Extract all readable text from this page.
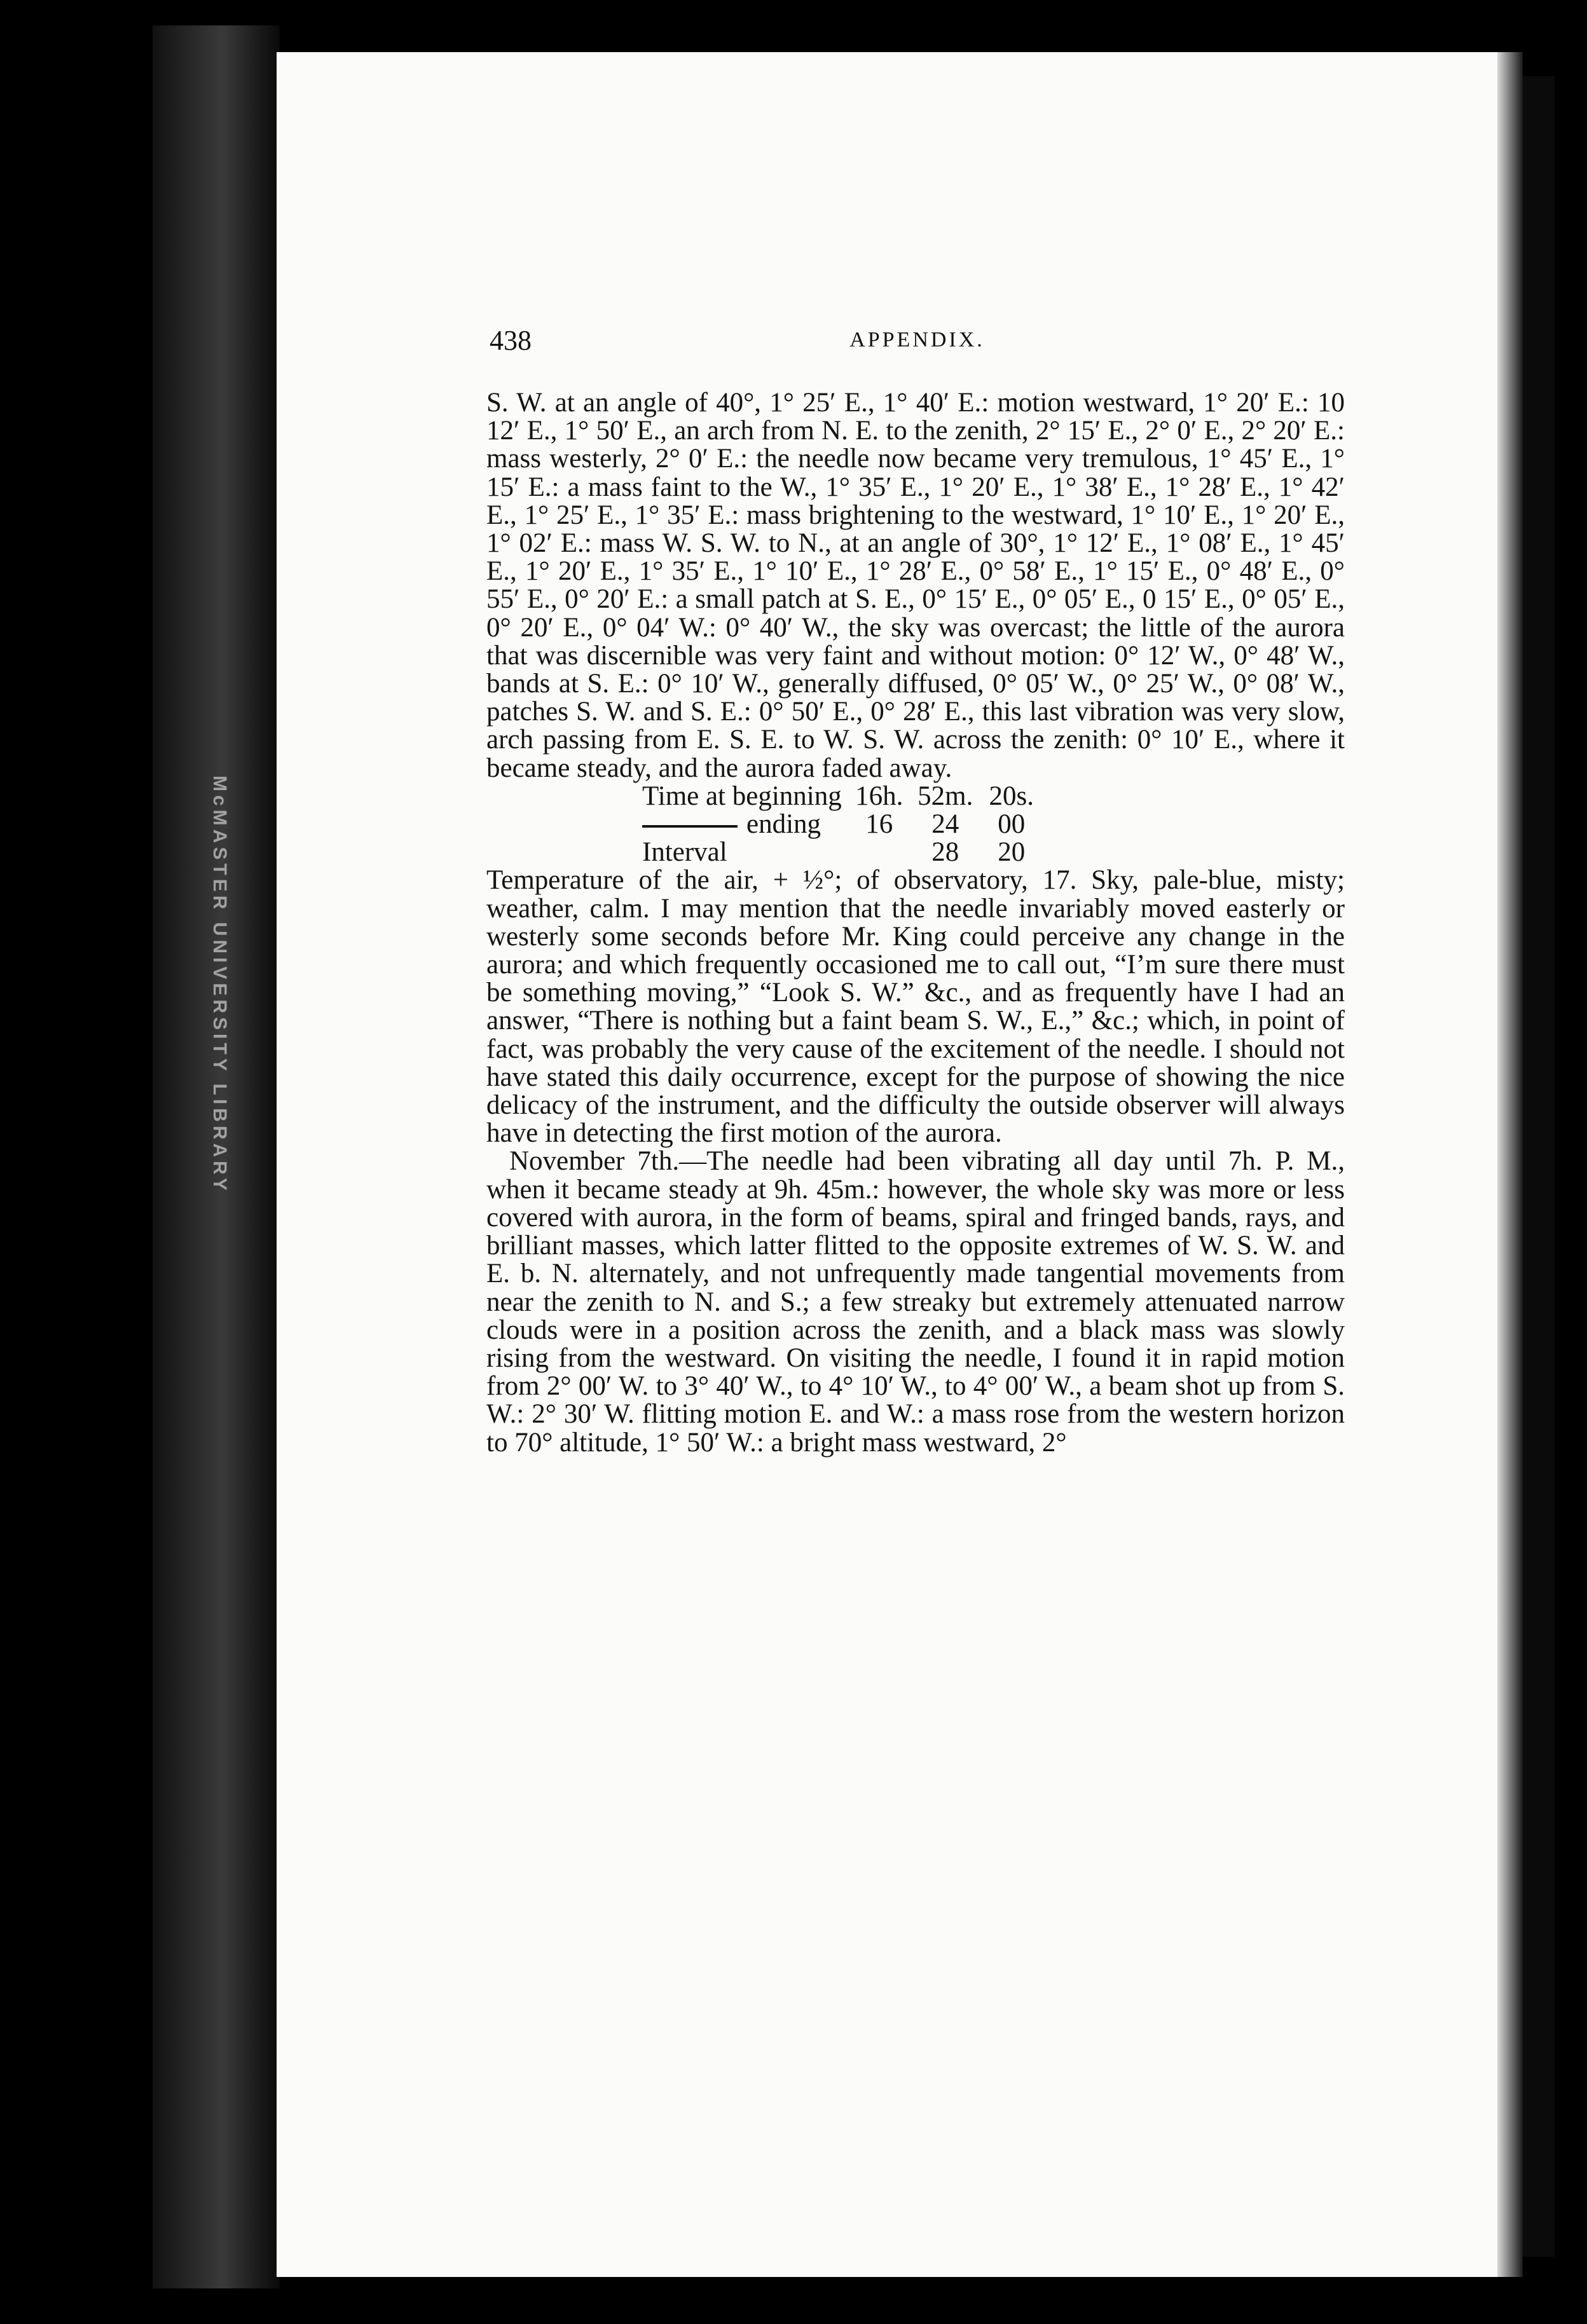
McMASTER UNIVERSITY LIBRARY
438	APPENDIX.

S. W. at an angle of 40°, 1° 25′ E., 1° 40′ E.: motion westward, 1° 20′ E.: 10 12′ E., 1° 50′ E., an arch from N. E. to the zenith, 2° 15′ E., 2° 0′ E., 2° 20′ E.: mass westerly, 2° 0′ E.: the needle now became very tremulous, 1° 45′ E., 1° 15′ E.: a mass faint to the W., 1° 35′ E., 1° 20′ E., 1° 38′ E., 1° 28′ E., 1° 42′ E., 1° 25′ E., 1° 35′ E.: mass brightening to the westward, 1° 10′ E., 1° 20′ E., 1° 02′ E.: mass W. S. W. to N., at an angle of 30°, 1° 12′ E., 1° 08′ E., 1° 45′ E., 1° 20′ E., 1° 35′ E., 1° 10′ E., 1° 28′ E., 0° 58′ E., 1° 15′ E., 0° 48′ E., 0° 55′ E., 0° 20′ E.: a small patch at S. E., 0° 15′ E., 0° 05′ E., 0 15′ E., 0° 05′ E., 0° 20′ E., 0° 04′ W.: 0° 40′ W., the sky was overcast; the little of the aurora that was discernible was very faint and without motion: 0° 12′ W., 0° 48′ W., bands at S. E.: 0° 10′ W., generally diffused, 0° 05′ W., 0° 25′ W., 0° 08′ W., patches S. W. and S. E.: 0° 50′ E., 0° 28′ E., this last vibration was very slow, arch passing from E. S. E. to W. S. W. across the zenith: 0° 10′ E., where it became steady, and the aurora faded away.

Time at beginning	16h.	52m.	20s.
ending	16	24	00
Interval		28	20

Temperature of the air, + ½°; of observatory, 17. Sky, pale-blue, misty; weather, calm. I may mention that the needle invariably moved easterly or westerly some seconds before Mr. King could perceive any change in the aurora; and which frequently occasioned me to call out, “I’m sure there must be something moving,” “Look S. W.” &c., and as frequently have I had an answer, “There is nothing but a faint beam S. W., E.,” &c.; which, in point of fact, was probably the very cause of the excitement of the needle. I should not have stated this daily occurrence, except for the purpose of showing the nice delicacy of the instrument, and the difficulty the outside observer will always have in detecting the first motion of the aurora.

November 7th.—The needle had been vibrating all day until 7h. P. M., when it became steady at 9h. 45m.: however, the whole sky was more or less covered with aurora, in the form of beams, spiral and fringed bands, rays, and brilliant masses, which latter flitted to the opposite extremes of W. S. W. and E. b. N. alternately, and not unfrequently made tangential movements from near the zenith to N. and S.; a few streaky but extremely attenuated narrow clouds were in a position across the zenith, and a black mass was slowly rising from the westward. On visiting the needle, I found it in rapid motion from 2° 00′ W. to 3° 40′ W., to 4° 10′ W., to 4° 00′ W., a beam shot up from S. W.: 2° 30′ W. flitting motion E. and W.: a mass rose from the western horizon to 70° altitude, 1° 50′ W.: a bright mass westward, 2°
